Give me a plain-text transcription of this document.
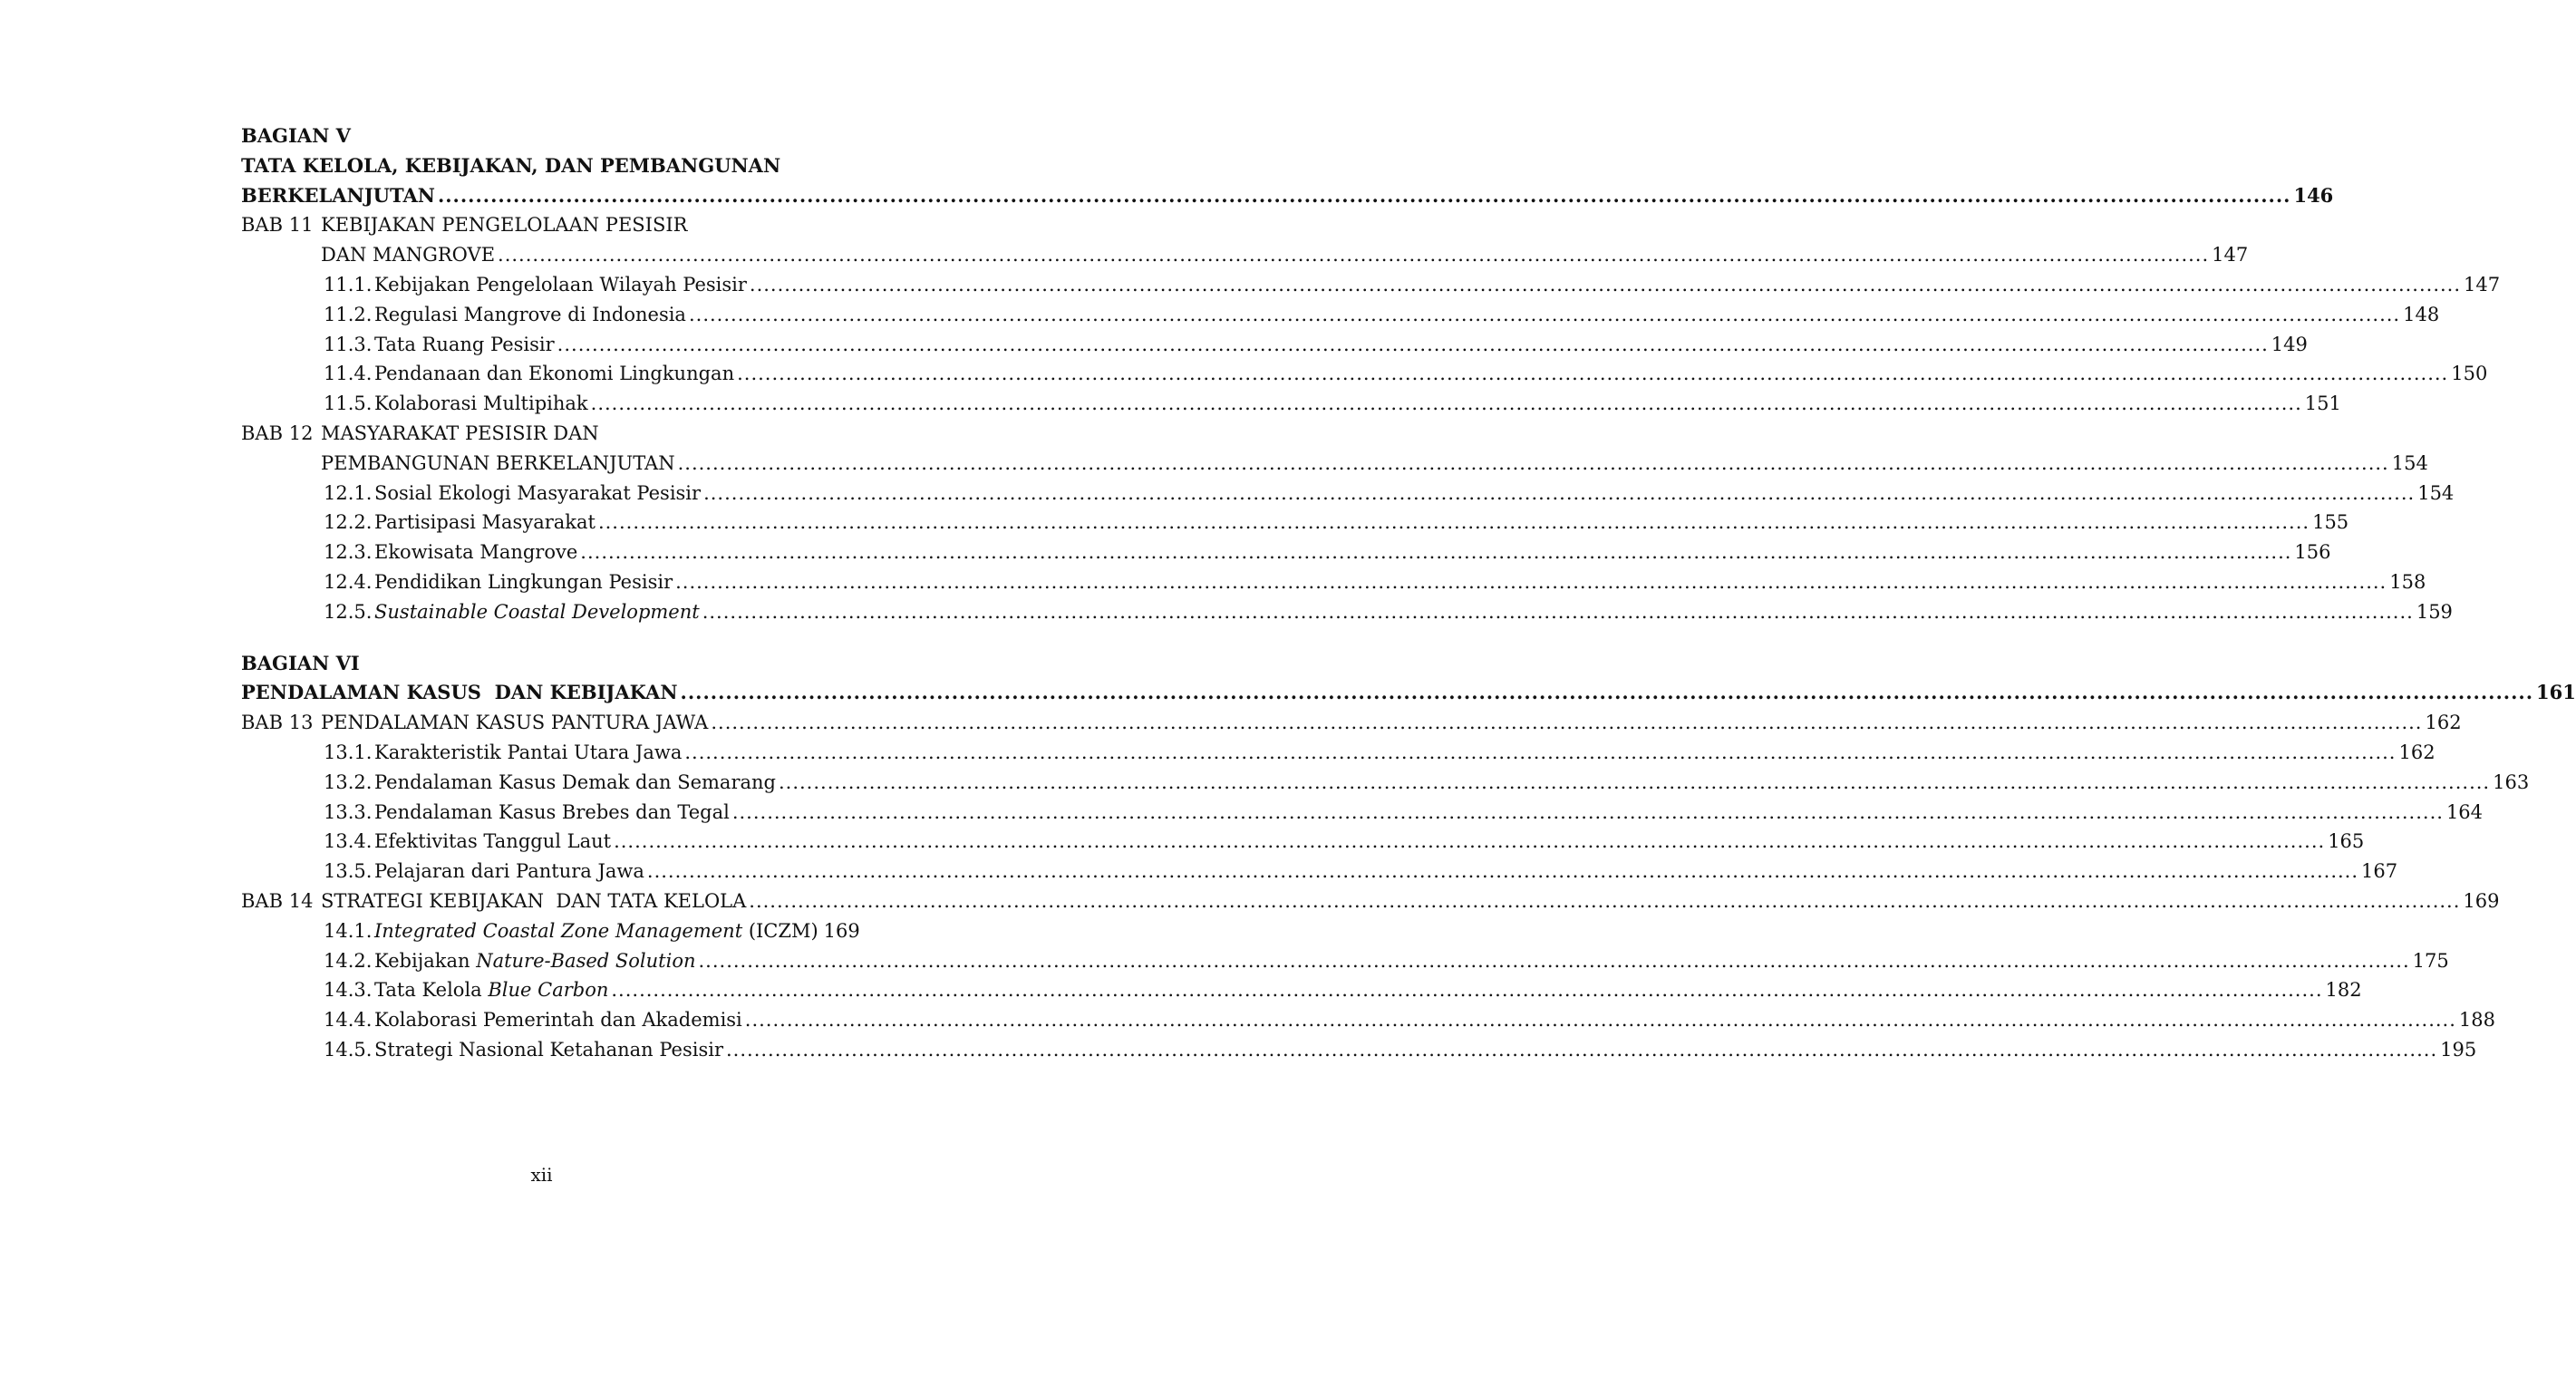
BAGIAN V
TATA KELOLA, KEBIJAKAN, DAN PEMBANGUNAN
BERKELANJUTAN .....	146
BAB 11 KEBIJAKAN PENGELOLAAN PESISIR
DAN MANGROVE .....	147
11.1. Kebijakan Pengelolaan Wilayah Pesisir .....	147
11.2. Regulasi Mangrove di Indonesia .....	148
11.3. Tata Ruang Pesisir .....	149
11.4. Pendanaan dan Ekonomi Lingkungan .....	150
11.5. Kolaborasi Multipihak .....	151
BAB 12 MASYARAKAT PESISIR DAN
PEMBANGUNAN BERKELANJUTAN .....	154
12.1. Sosial Ekologi Masyarakat Pesisir .....	154
12.2. Partisipasi Masyarakat .....	155
12.3. Ekowisata Mangrove .....	156
12.4. Pendidikan Lingkungan Pesisir .....	158
12.5. Sustainable Coastal Development .....	159
BAGIAN VI
PENDALAMAN KASUS  DAN KEBIJAKAN .....	161
BAB 13 PENDALAMAN KASUS PANTURA JAWA .....	162
13.1. Karakteristik Pantai Utara Jawa .....	162
13.2. Pendalaman Kasus Demak dan Semarang .....	163
13.3. Pendalaman Kasus Brebes dan Tegal .....	164
13.4. Efektivitas Tanggul Laut .....	165
13.5. Pelajaran dari Pantura Jawa .....	167
BAB 14 STRATEGI KEBIJAKAN  DAN TATA KELOLA .....	169
14.1. Integrated Coastal Zone Management (ICZM) 169
14.2. Kebijakan Nature-Based Solution .....	175
14.3. Tata Kelola Blue Carbon .....	182
14.4. Kolaborasi Pemerintah dan Akademisi .....	188
14.5. Strategi Nasional Ketahanan Pesisir .....	195
xii
